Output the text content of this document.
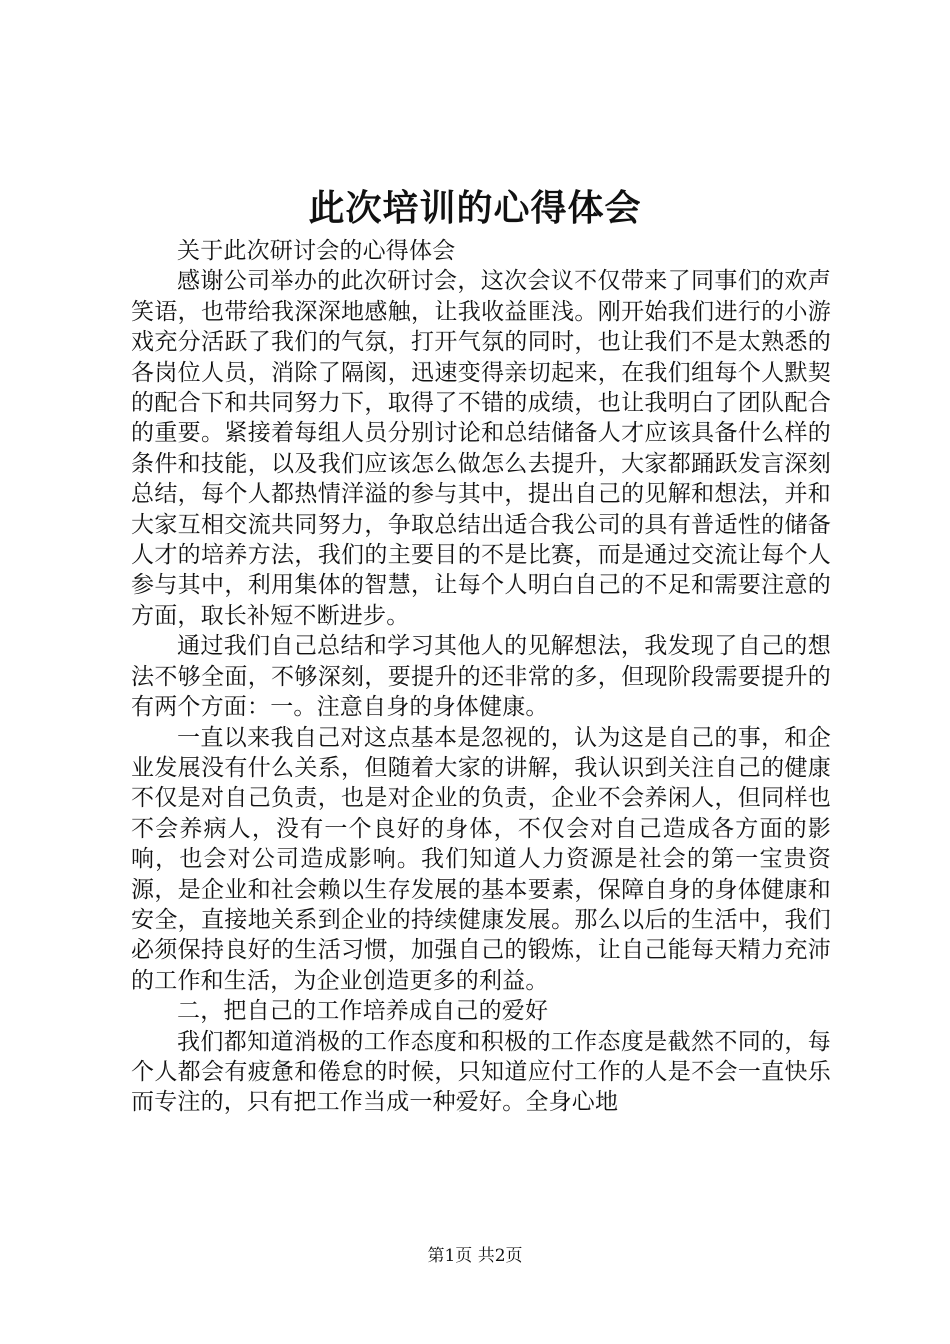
此次培训的心得体会

关于此次研讨会的心得体会

感谢公司举办的此次研讨会，这次会议不仅带来了同事们的欢声笑语，也带给我深深地感触，让我收益匪浅。刚开始我们进行的小游戏充分活跃了我们的气氛，打开气氛的同时，也让我们不是太熟悉的各岗位人员，消除了隔阂，迅速变得亲切起来，在我们组每个人默契的配合下和共同努力下，取得了不错的成绩，也让我明白了团队配合的重要。紧接着每组人员分别讨论和总结储备人才应该具备什么样的条件和技能，以及我们应该怎么做怎么去提升，大家都踊跃发言深刻总结，每个人都热情洋溢的参与其中，提出自己的见解和想法，并和大家互相交流共同努力，争取总结出适合我公司的具有普适性的储备人才的培养方法，我们的主要目的不是比赛，而是通过交流让每个人参与其中，利用集体的智慧，让每个人明白自己的不足和需要注意的方面，取长补短不断进步。

通过我们自己总结和学习其他人的见解想法，我发现了自己的想法不够全面，不够深刻，要提升的还非常的多，但现阶段需要提升的有两个方面：一。注意自身的身体健康。

一直以来我自己对这点基本是忽视的，认为这是自己的事，和企业发展没有什么关系，但随着大家的讲解，我认识到关注自己的健康不仅是对自己负责，也是对企业的负责，企业不会养闲人，但同样也不会养病人，没有一个良好的身体，不仅会对自己造成各方面的影响，也会对公司造成影响。我们知道人力资源是社会的第一宝贵资源，是企业和社会赖以生存发展的基本要素，保障自身的身体健康和安全，直接地关系到企业的持续健康发展。那么以后的生活中，我们必须保持良好的生活习惯，加强自己的锻炼，让自己能每天精力充沛的工作和生活，为企业创造更多的利益。

二，把自己的工作培养成自己的爱好

我们都知道消极的工作态度和积极的工作态度是截然不同的，每个人都会有疲惫和倦怠的时候，只知道应付工作的人是不会一直快乐而专注的，只有把工作当成一种爱好。全身心地

第1页 共2页
